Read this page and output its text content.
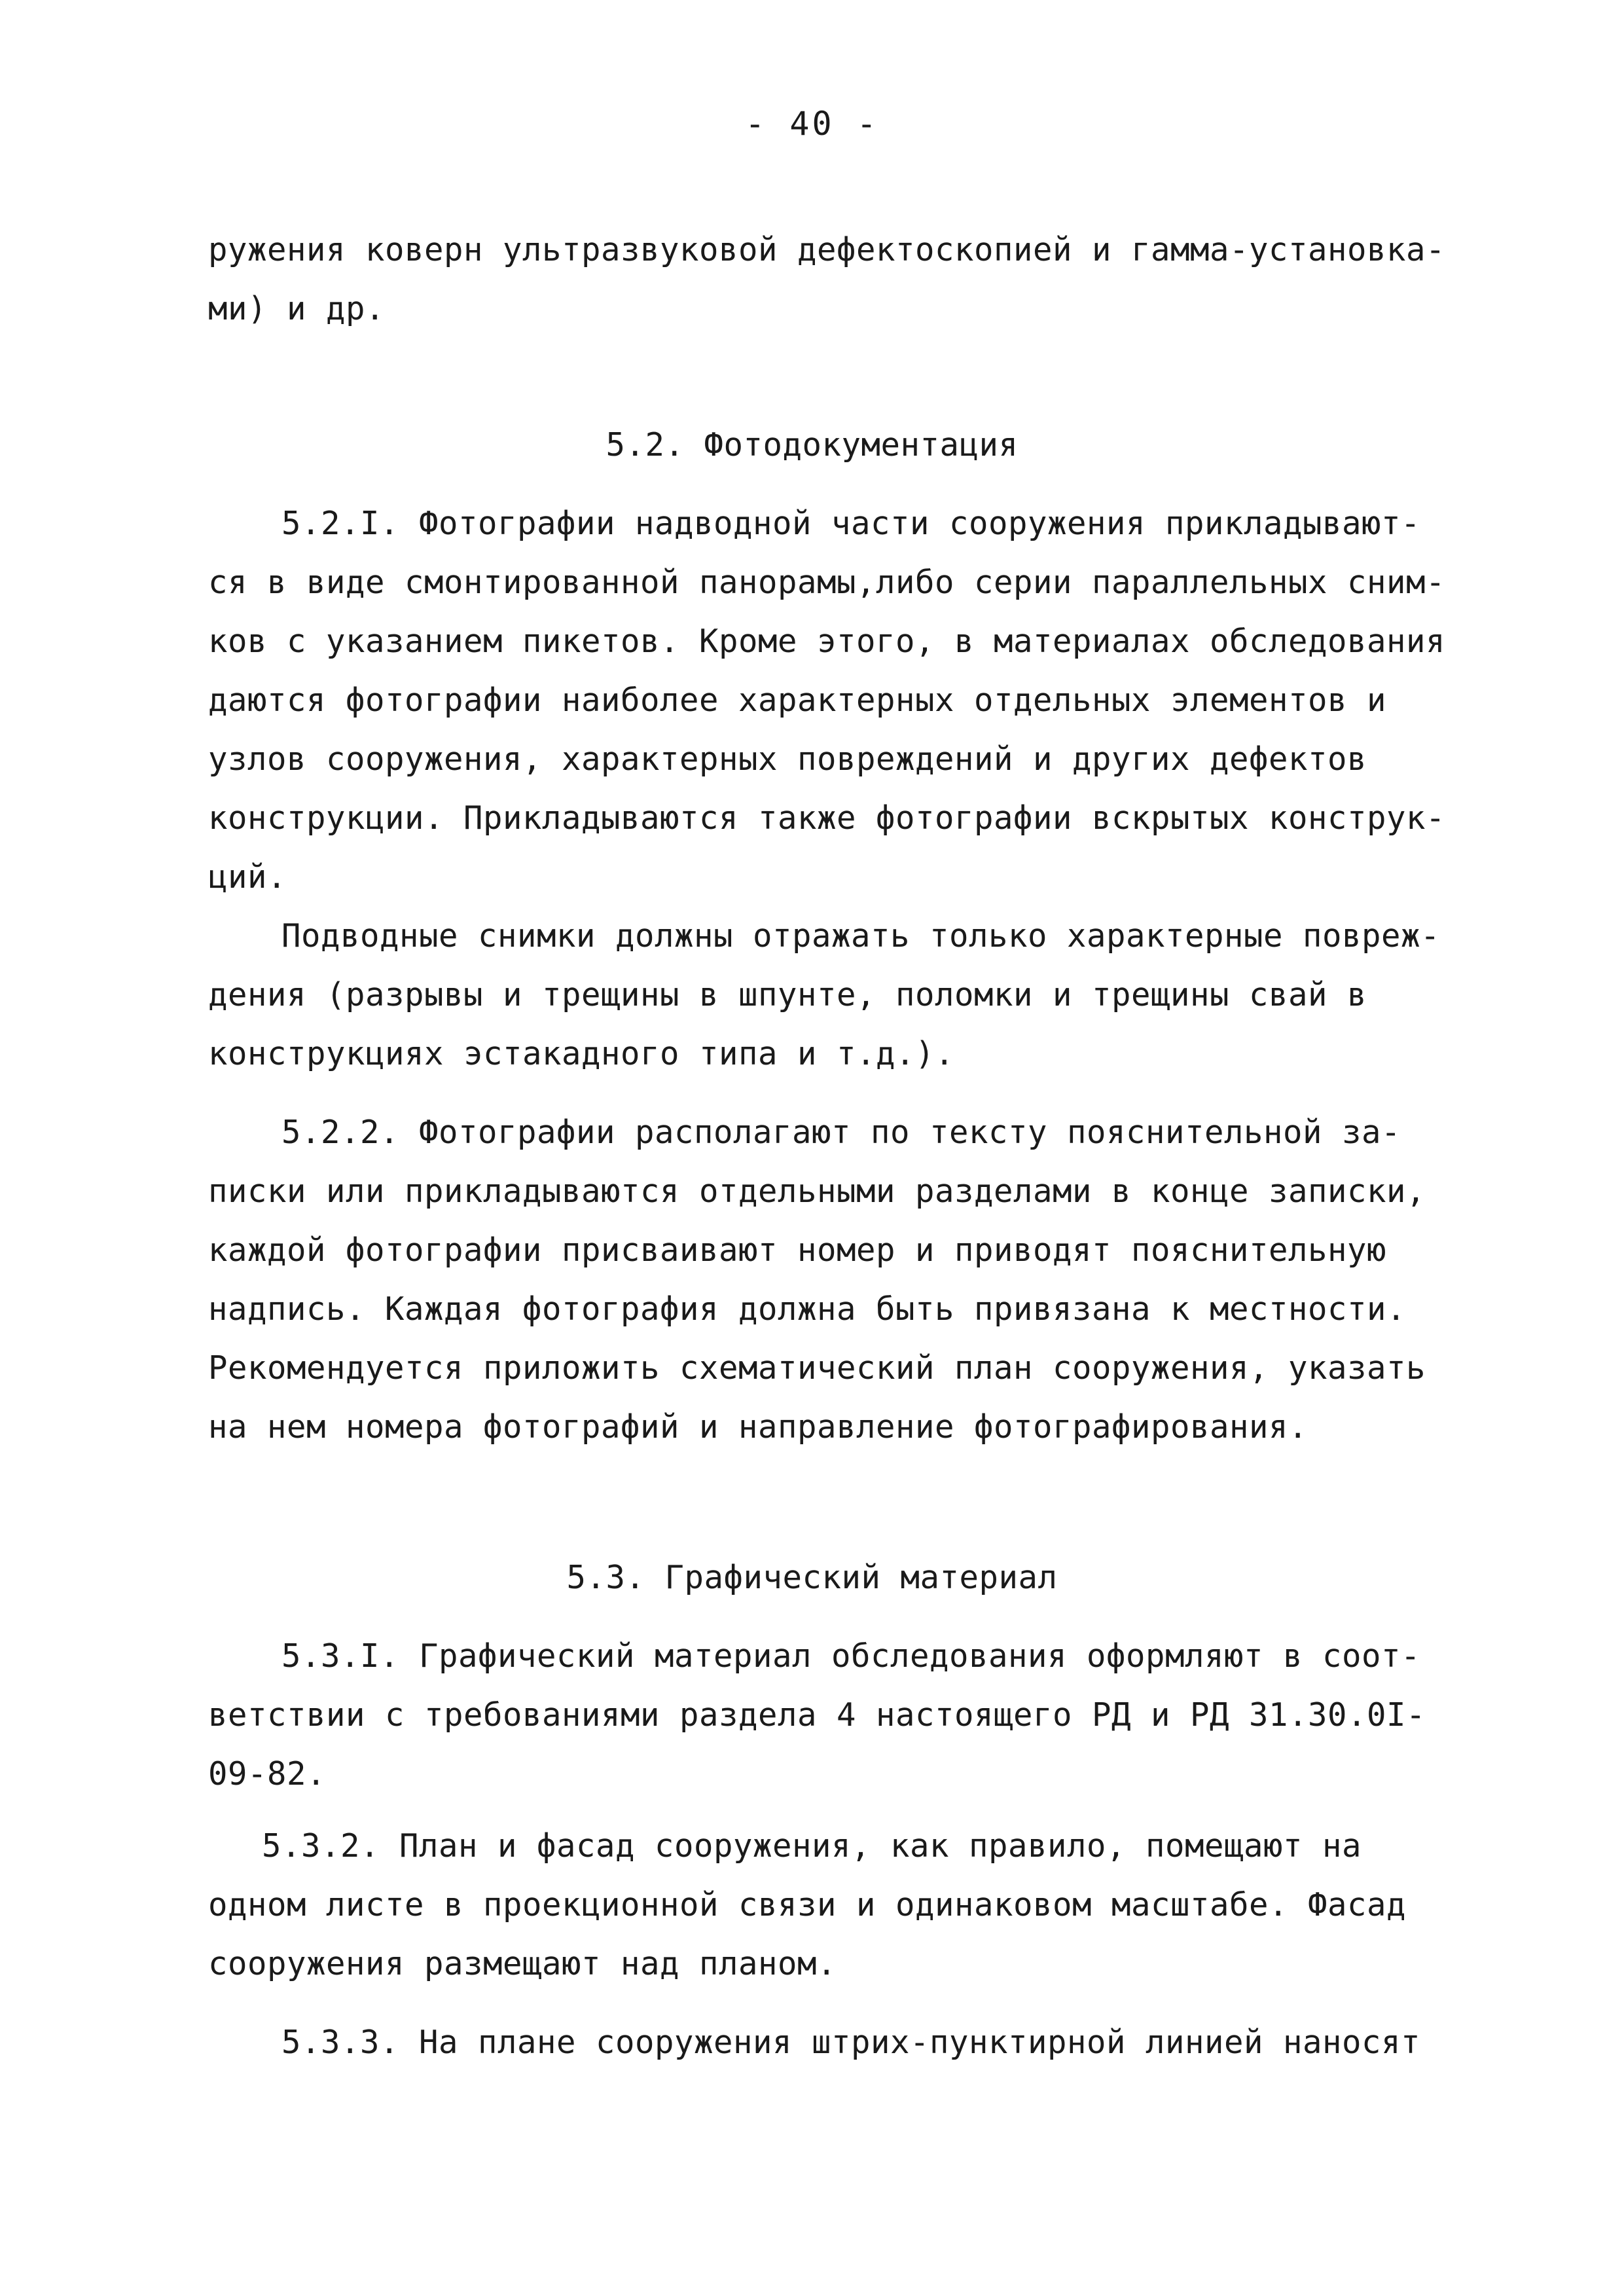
- 40 -
ружения коверн ультразвуковой дефектоскопией и гамма-установка-
ми) и др.
5.2. Фотодокументация
5.2.I. Фотографии надводной части сооружения прикладывают-
ся в виде смонтированной панорамы,либо серии параллельных сним-
ков с указанием пикетов. Кроме этого, в материалах обследования
даются фотографии наиболее характерных отдельных элементов и
узлов сооружения, характерных повреждений и других дефектов
конструкции. Прикладываются также фотографии вскрытых конструк-
ций.
Подводные снимки должны отражать только характерные повреж-
дения (разрывы и трещины в шпунте, поломки и трещины свай в
конструкциях эстакадного типа и т.д.).
5.2.2. Фотографии располагают по тексту пояснительной за-
писки или прикладываются отдельными разделами в конце записки,
каждой фотографии присваивают номер и приводят пояснительную
надпись. Каждая фотография должна быть привязана к местности.
Рекомендуется приложить схематический план сооружения, указать
на нем номера фотографий и направление фотографирования.
5.3. Графический материал
5.3.I. Графический материал обследования оформляют в соот-
ветствии с требованиями раздела 4 настоящего РД и РД 31.30.0I-
09-82.
5.3.2. План и фасад сооружения, как правило, помещают на
одном листе в проекционной связи и одинаковом масштабе. Фасад
сооружения размещают над планом.
5.3.3. На плане сооружения штрих-пунктирной линией наносят
